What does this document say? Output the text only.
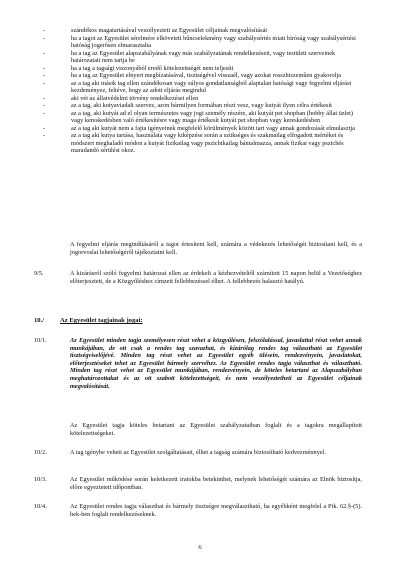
-	szándékos magatartásával veszélyezteti az Egyesület céljainak megvalósítását
-	ha a tagot az Egyesület sérelmére elkövetett bűncselekmény vagy szabálysértés miatt bíróság vagy szabálysértési hatóság jogerősen elmarasztalta
-	ha a tag az Egyesület alapszabályának vagy más szabályzatának rendelkezéseit, vagy testületi szerveinek határozatait nem tartja be
-	ha a tag a tagsági viszonyából eredő kötelezettségét nem teljesíti
-	ha a tag az Egyesület elnyert megbízatásával, tisztségével visszaél, vagy azokat rosszhiszeműen gyakorolja
-	az a tag aki másik tag ellen szándékosan vagy súlyos gondatlanságból alaptalan hatósági vagy fegyelmi eljárást kezdeményez, feltéve, hogy az adott eljárás megindul
-	aki vét az állatvédelmi törvény rendelkezései ellen
-	az a tag, aki kutyaviadalt szervez, azon bármilyen formában részt vesz, vagy kutyát ilyen célra értékesít
-	az a tag, aki kutyát ad el olyan természetes vagy jogi személy részére, aki kutyát pet shopban (hobby állat üzlet) vagy kereskedésben való értékesítésre vagy maga értékesít kutyát pet shopban vagy kereskedésben
-	az a tag aki kutyát nem a fajta igényeinek megfelelő körülmények között tart vagy annak gondozását elmulasztja
-	az a tag aki kutya tartása, használata vagy kiképzése során a szükséges és szakmailag elfogadott mértéket és módszert meghaladó módon a kutyát fizikailag vagy pszichikailag bántalmazza, annak fizikai vagy pszichés maradandó sérülést okoz.
A fegyelmi eljárás megindításáról a tagot értesíteni kell, számára a védekezés lehetőségét biztosítani kell, és a jogorvoslat lehetőségéről tájékoztatni kell.
9/5.	A kizárásról szóló fegyelmi határozat ellen az érdekelt a kézhezvételtől számított 15 napon belül a Vezetőséghez előterjesztett, de a Közgyűléshez címzett fellebbezéssel élhet. A fellebbezés halasztó hatályú.
10./ Az Egyesület tagjainak jogai:
10/1.	Az Egyesület minden tagja személyesen részt vehet a közgyűlésen, felszólalással, javaslattal részt vehet annak munkájában, de ott csak a rendes tag szavazhat, és kizárólag rendes tag választható az Egyesület tisztségviselőjévé. Minden tag részt vehet az Egyesület egyéb ülésein, rendezvényein, javaslatokat, előterjesztéseket tehet az Egyesület bármely szervéhez. Az Egyesület rendes tagja választhat és választható. Minden tag részt vehet az Egyesület munkájában, rendezvényein, de köteles betartani az Alapszabályban meghatározottakat és az ott szabott kötelezettségeit, és nem veszélyeztetheti az Egyesület céljainak megvalósítását.
Az Egyesület tagja köteles betartani az Egyesület szabályzataiban foglalt és a tagokra megállapított kötelezettségeket.
10/2.	A tag igénybe veheti az Egyesület szolgáltatásait, élhet a tagság számára biztosítható kedvezménnyel.
10/3.	Az Egyesület működése során keletkezett iratokba betekinthet, melynek lehetőségét számára az Elnök biztosítja, előre egyeztetett időpontban.
10/4.	Az Egyesület rendes tagja választhat és bármely tisztségre megválasztható, ha egyébként megfelel a Ptk. 62.§-(5). bek-ben foglalt rendelkezéseknek.
6
